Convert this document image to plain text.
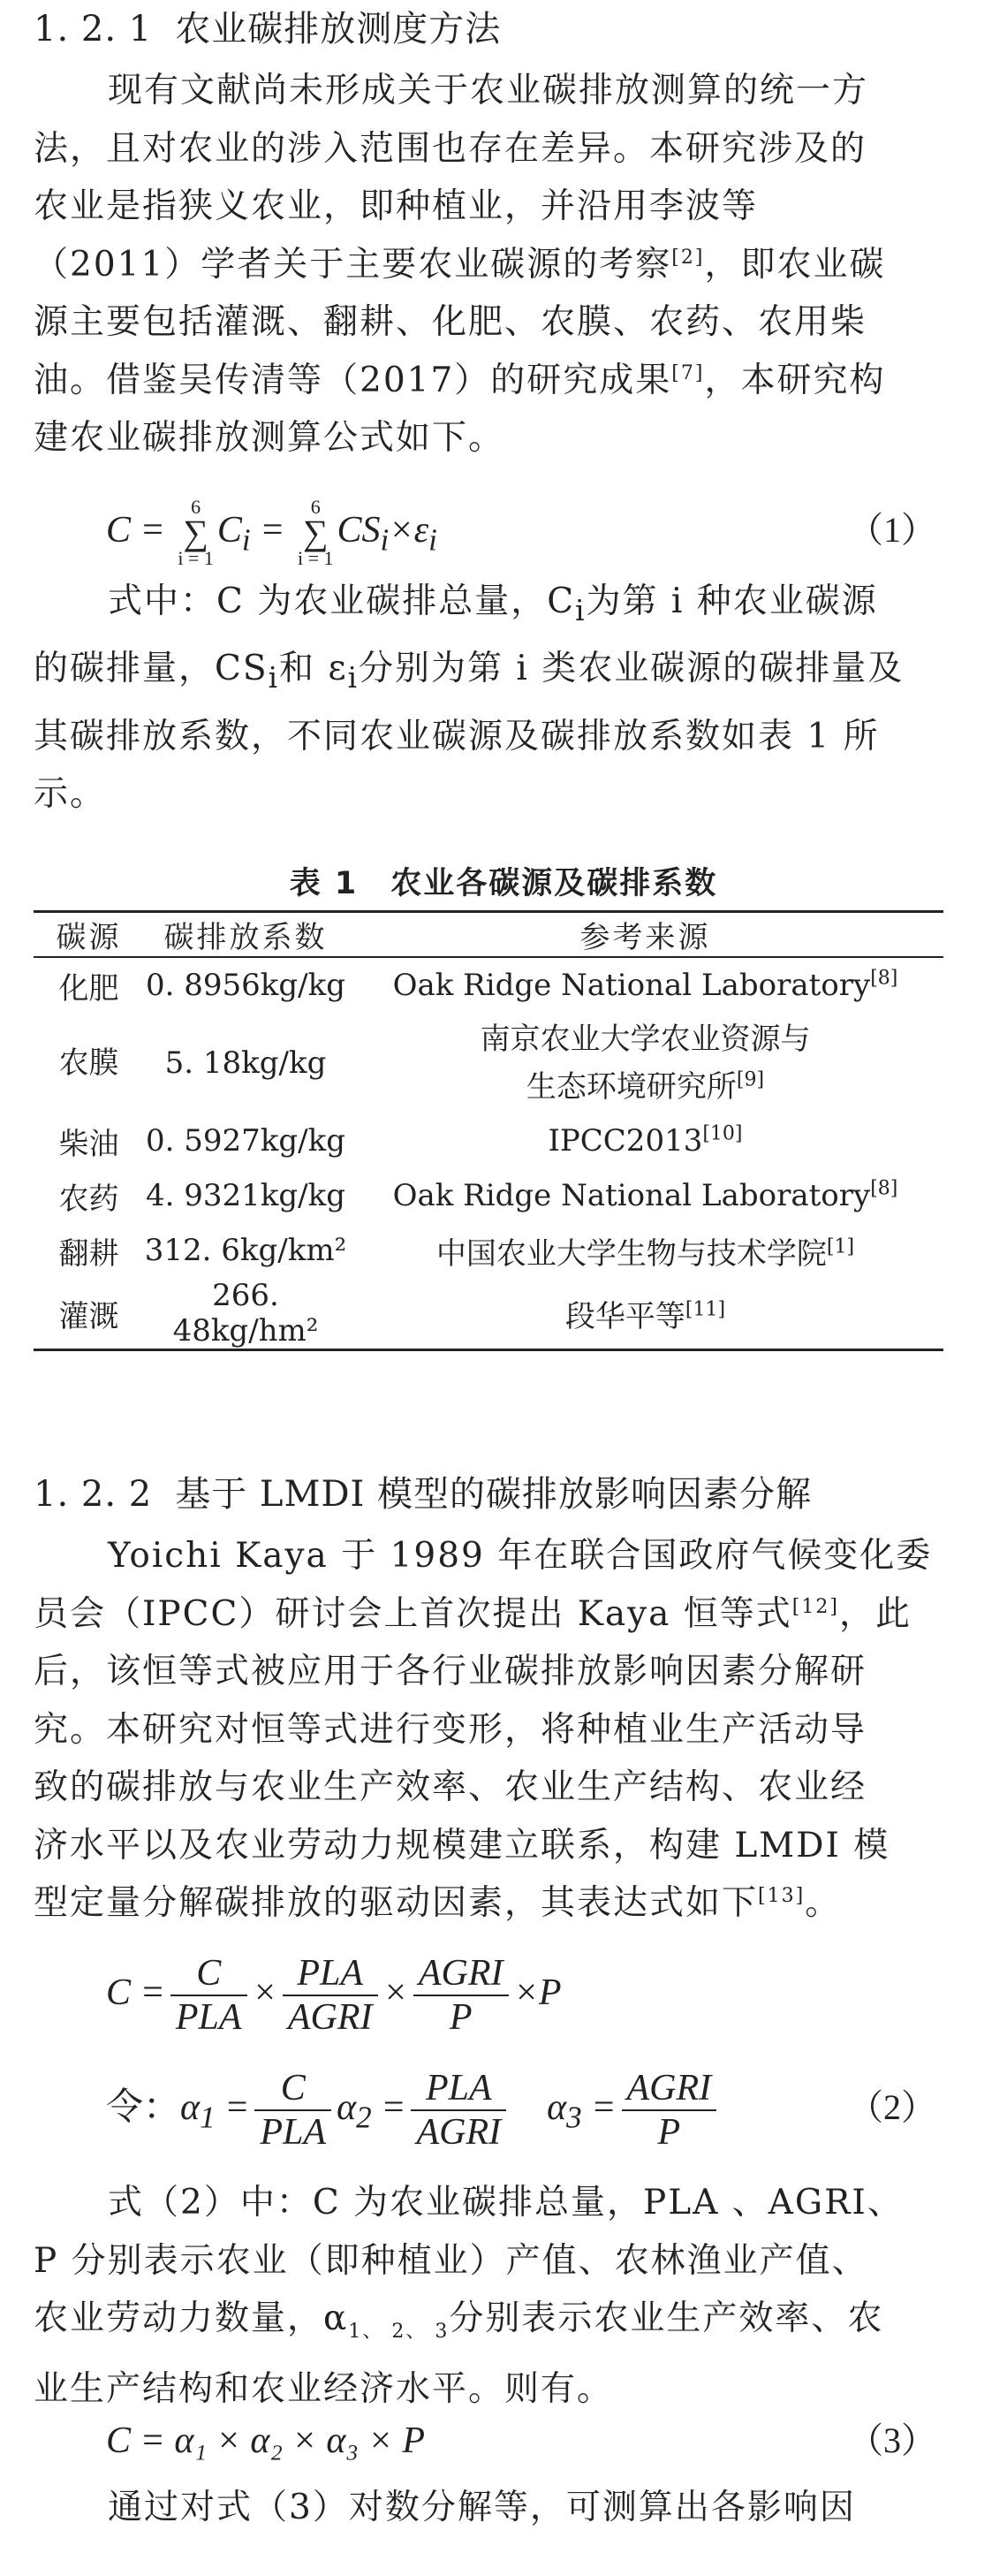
1. 2. 1 农业碳排放测度方法
现有文献尚未形成关于农业碳排放测算的统一方
法，且对农业的涉入范围也存在差异。本研究涉及的
农业是指狭义农业，即种植业，并沿用李波等
（2011）学者关于主要农业碳源的考察[2]，即农业碳
源主要包括灌溉、翻耕、化肥、农膜、农药、农用柴
油。借鉴吴传清等（2017）的研究成果[7]，本研究构
建农业碳排放测算公式如下。
C = 6
∑
$i = 1C_i = 6$
∑
$i = 1CS_i\times\varepsilon_i$	（1）
式中：C 为农业碳排总量，$C_i$为第 i 种农业碳源
的碳排量，$CS_i$和 $\varepsilon_i$分别为第 i 类农业碳源的碳排量及
其碳排放系数，不同农业碳源及碳排放系数如表 1 所
示。
表 1　农业各碳源及碳排系数
碳源	碳排放系数	参考来源
化肥	0. 8956kg/kg	Oak Ridge National Laboratory[8]
农膜	5. 18kg/kg	南京农业大学农业资源与
生态环境研究所[9]
柴油	0. 5927kg/kg	IPCC2013[10]
农药	4. 9321kg/kg	Oak Ridge National Laboratory[8]
翻耕	312. 6kg/km²	中国农业大学生物与技术学院[1]
灌溉	266. 48kg/hm²	段华平等[11]
1. 2. 2 基于 LMDI 模型的碳排放影响因素分解
Yoichi Kaya 于 1989 年在联合国政府气候变化委
员会（IPCC）研讨会上首次提出 Kaya 恒等式[12]，此
后，该恒等式被应用于各行业碳排放影响因素分解研
究。本研究对恒等式进行变形，将种植业生产活动导
致的碳排放与农业生产效率、农业生产结构、农业经
济水平以及农业劳动力规模建立联系，构建 LMDI 模
型定量分解碳排放的驱动因素，其表达式如下[13]。
$C = \frac{C}{\text{PLA}} \times \frac{\text{PLA}}{\text{AGRI}} \times \frac{\text{AGRI}}{P} \times P$
令：$\alpha_1 = \frac{C}{\text{PLA}} \alpha_2 = \frac{\text{PLA}}{\text{AGRI}} \alpha_3 = \frac{\text{AGRI}}{P}$	（2）
式（2）中：C 为农业碳排总量，PLA 、AGRI、
P 分别表示农业（即种植业）产值、农林渔业产值、
农业劳动力数量，$\alpha_{1、 2、 3}$分别表示农业生产效率、农
业生产结构和农业经济水平。则有。
C = α₁ × α₂ × α₃ × P	（3）
通过对式（3）对数分解等，可测算出各影响因
